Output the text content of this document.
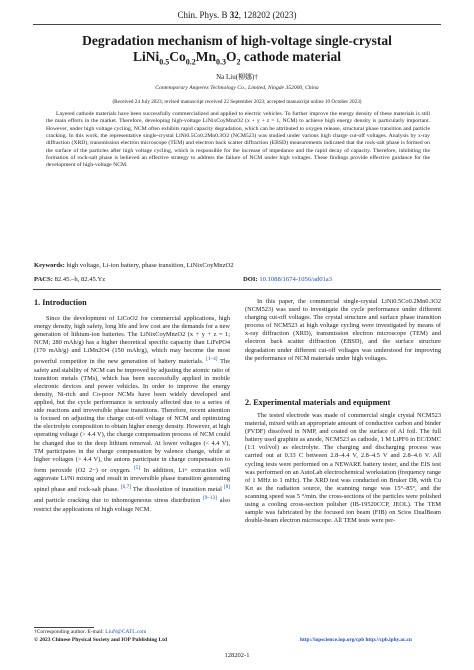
Chin. Phys. B 32, 128202 (2023)
Degradation mechanism of high-voltage single-crystal
$LiNi_{0.5}Co_{0.2}Mn_{0.3}O_2$ cathode material
Na Liu(柳娜)†
Contemporary Amperex Technology Co., Limited, Ningde 352000, China
(Received 24 July 2023; revised manuscript received 22 September 2023; accepted manuscript online 10 October 2023)
Layered cathode materials have been successfully commercialized and applied to electric vehicles. To further improve the energy density of these materials is still the main efforts in the market. Therefore, developing high-voltage LiNixCoyMnzO2 (x + y + z = 1, NCM) to achieve high energy density is particularly important. However, under high voltage cycling, NCM often exhibits rapid capacity degradation, which can be attributed to oxygen release, structural phase transition and particle cracking. In this work, the representative single-crystal LiNi0.5Co0.2Mn0.3O2 (NCM523) was studied under various high charge cut-off voltages. Analysis by x-ray diffraction (XRD), transmission electron microscope (TEM) and electron back scatter diffraction (EBSD) measurements indicated that the rock-salt phase is formed on the surface of the particles after high voltage cycling, which is responsible for the increase of impedance and the rapid decay of capacity. Therefore, inhibiting the formation of rock-salt phase is believed an effective strategy to address the failure of NCM under high voltages. These findings provide effective guidance for the development of high-voltage NCM.
Keywords: high voltage, Li-ion battery, phase transition, LiNixCoyMnzO2
PACS: 82.45.–h, 82.45.Yz	DOI: 10.1088/1674-1056/ad01a3
1. Introduction

Since the development of LiCoO2 for commercial applications, high energy density, high safety, long life and low cost are the demands for a new generation of lithium-ion batteries. The LiNixCoyMnzO2 (x + y + z = 1; NCM; 280 mAh/g) has a higher theoretical specific capacity than LiFePO4 (170 mAh/g) and LiMn2O4 (150 mAh/g), which may become the most powerful competitor in the new generation of battery materials. [1–4] The safety and stability of NCM can be improved by adjusting the atomic ratio of transition metals (TMs), which has been successfully applied in mobile electronic devices and power vehicles. In order to improve the energy density, Ni-rich and Co-poor NCMs have been widely developed and applied, but the cycle performance is seriously affected due to a series of side reactions and irreversible phase transitions. Therefore, recent attention is focused on adjusting the charge cut-off voltage of NCM and optimizing the electrolyte composition to obtain higher energy density. However, at high operating voltage (> 4.4 V), the charge compensation process of NCM could be changed due to the deep lithium removal. At lower voltages (< 4.4 V), TM participates in the charge compensation by valence change, while at higher voltages (> 4.4 V), the anions participate in charge compensation to form peroxide (O2 2−) or oxygen. [5] In addition, Li+ extraction will aggravate Li/Ni mixing and result in irreversible phase transition generating spinel phase and rock-salt phase. [6,7] The dissolution of transition metal [8] and particle cracking due to inhomogeneous stress distribution [9–13] also restrict the applications of high voltage NCM.

In this paper, the commercial single-crystal LiNi0.5Co0.2Mn0.3O2 (NCM523) was used to investigate the cycle performance under different charging cut-off voltages. The crystal structure and surface phase transition process of NCM523 at high voltage cycling were investigated by means of x-ray diffraction (XRD), transmission electron microscope (TEM) and electron back scatter diffraction (EBSD), and the surface structure degradation under different cut-off voltages was understood for improving the performance of NCM materials under high voltages.

2. Experimental materials and equipment

The tested electrode was made of commercial single crystal NCM523 material, mixed with an appropriate amount of conductive carbon and binder (PVDF) dissolved in NMP, and coated on the surface of Al foil. The full battery used graphite as anode, NCM523 as cathode, 1 M LiPF6 in EC/DMC (1:1 vol/vol) as electrolyte. The charging and discharging process was carried out at 0.33 C between 2.8–4.4 V, 2.8–4.5 V and 2.8–4.6 V. All cycling tests were performed on a NEWARE battery tester, and the EIS test was performed on an AutoLab electrochemical workstation (frequency range of 1 MHz to 1 mHz). The XRD test was conducted on Bruker D8, with Cu Kα as the radiation source, the scanning range was 15°–85°, and the scanning speed was 5 °/min. the cross-sections of the particles were polished using a cooling cross-section polisher (IB-19520CCP, JEOL). The TEM sample was fabricated by the focused ion beam (FIB) on Scios DualBeam double-beam electron microscope. All TEM tests were per-

†Corresponding author. E-mail: LiuN@CATL.com
© 2023 Chinese Physical Society and IOP Publishing Ltd	http://iopscience.iop.org/cpb http://cpb.iphy.ac.cn
128202-1
